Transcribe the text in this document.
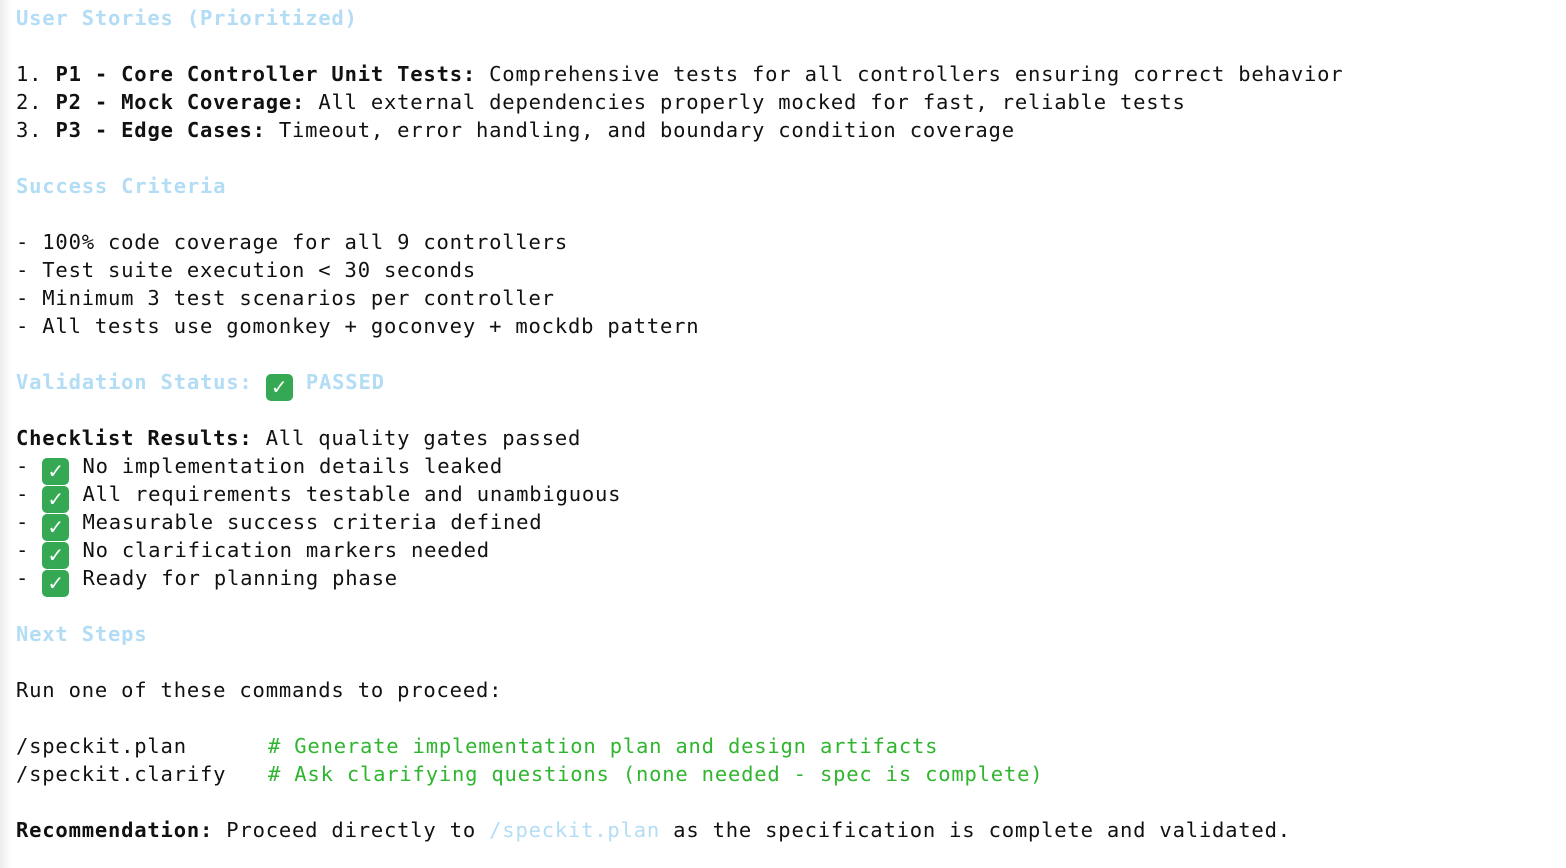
User Stories (Prioritized)

1. P1 - Core Controller Unit Tests: Comprehensive tests for all controllers ensuring correct behavior

2. P2 - Mock Coverage: All external dependencies properly mocked for fast, reliable tests

3. P3 - Edge Cases: Timeout, error handling, and boundary condition coverage

Success Criteria

- 100% code coverage for all 9 controllers

- Test suite execution < 30 seconds

- Minimum 3 test scenarios per controller

- All tests use gomonkey + goconvey + mockdb pattern

Validation Status: ✓ PASSED

Checklist Results: All quality gates passed

- ✓ No implementation details leaked

- ✓ All requirements testable and unambiguous

- ✓ Measurable success criteria defined

- ✓ No clarification markers needed

- ✓ Ready for planning phase

Next Steps

Run one of these commands to proceed:

/speckit.plan	# Generate implementation plan and design artifacts

/speckit.clarify # Ask clarifying questions (none needed - spec is complete)

Recommendation: Proceed directly to /speckit.plan as the specification is complete and validated.
